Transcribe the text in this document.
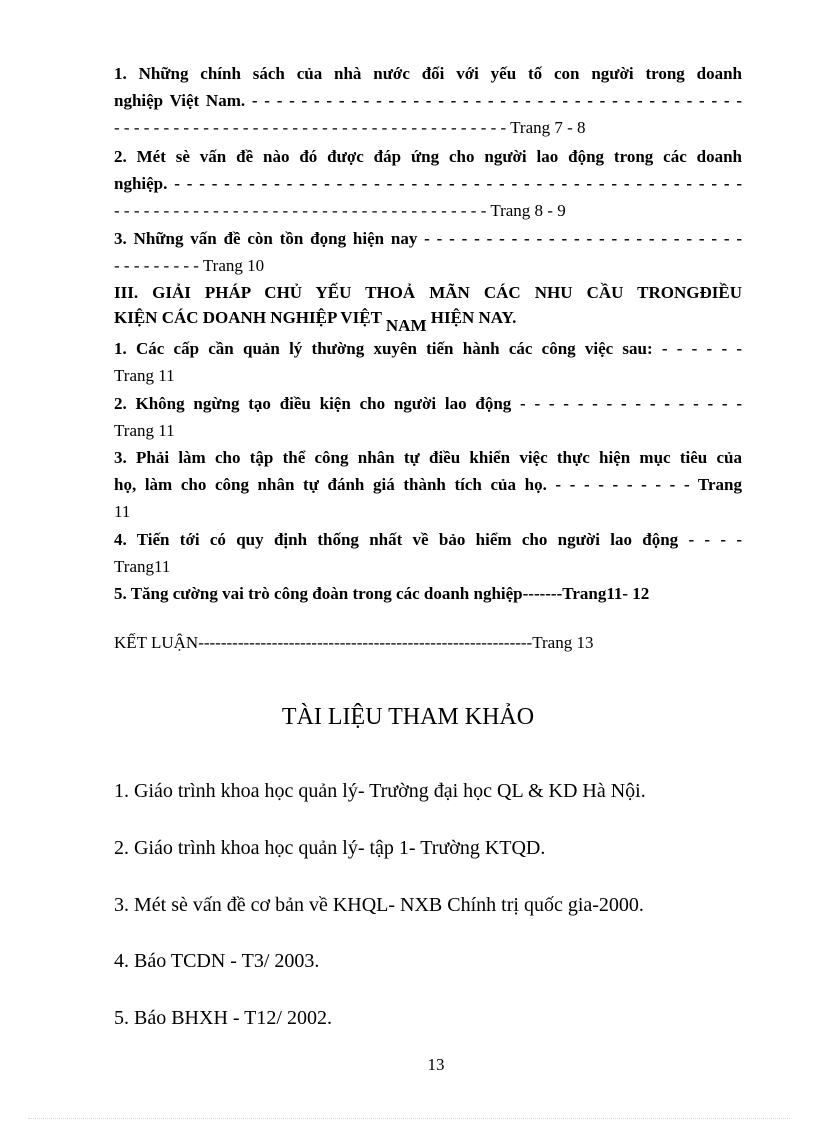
1. Những chính sách của nhà nước đối với yếu tố con người trong doanh
nghiệp Việt Nam. - - - - - - - - - - - - - - - - - - - - - - - - - - - - - - - - - - - - - - - -
- - - - - - - - - - - - - - - - - - - - - - - - - - - - - - - - - - - - - - - - Trang 7 - 8
2. Mét sè vấn đề nào đó được đáp ứng cho người lao động trong các doanh
nghiệp. - - - - - - - - - - - - - - - - - - - - - - - - - - - - - - - - - - - - - - - - - - - - - -
- - - - - - - - - - - - - - - - - - - - - - - - - - - - - - - - - - - - - - Trang 8 - 9
3. Những vấn đề còn tồn đọng hiện nay - - - - - - - - - - - - - - - - - - - - - - - - - -
- - - - - - - - - Trang 10
III. GIẢI PHÁP CHỦ YẾU THOẢ MÃN CÁC NHU CẦU TRONGĐIỀU
KIỆN CÁC DOANH NGHIỆP VIỆT NAM HIỆN NAY.
1. Các cấp cần quản lý thường xuyên tiến hành các công việc sau: - - - - - -
Trang 11
2. Không ngừng tạo điều kiện cho người lao động - - - - - - - - - - - - - - - -
Trang 11
3. Phải làm cho tập thể công nhân tự điều khiển việc thực hiện mục tiêu của
họ, làm cho công nhân tự đánh giá thành tích của họ. - - - - - - - - - - Trang
11
4. Tiến tới có quy định thống nhất về bảo hiểm cho người lao động - - - -
Trang11
5. Tăng cường vai trò công đoàn trong các doanh nghiệp-------Trang11- 12
KẾT LUẬN-----------------------------------------------------------Trang 13
TÀI LIỆU THAM KHẢO
1. Giáo trình khoa học quản lý- Trường đại học QL & KD Hà Nội.
2. Giáo trình khoa học quản lý- tập 1- Trường KTQD.
3. Mét sè vấn đề cơ bản về KHQL- NXB Chính trị quốc gia-2000.
4. Báo TCDN - T3/ 2003.
5. Báo BHXH - T12/ 2002.
13
